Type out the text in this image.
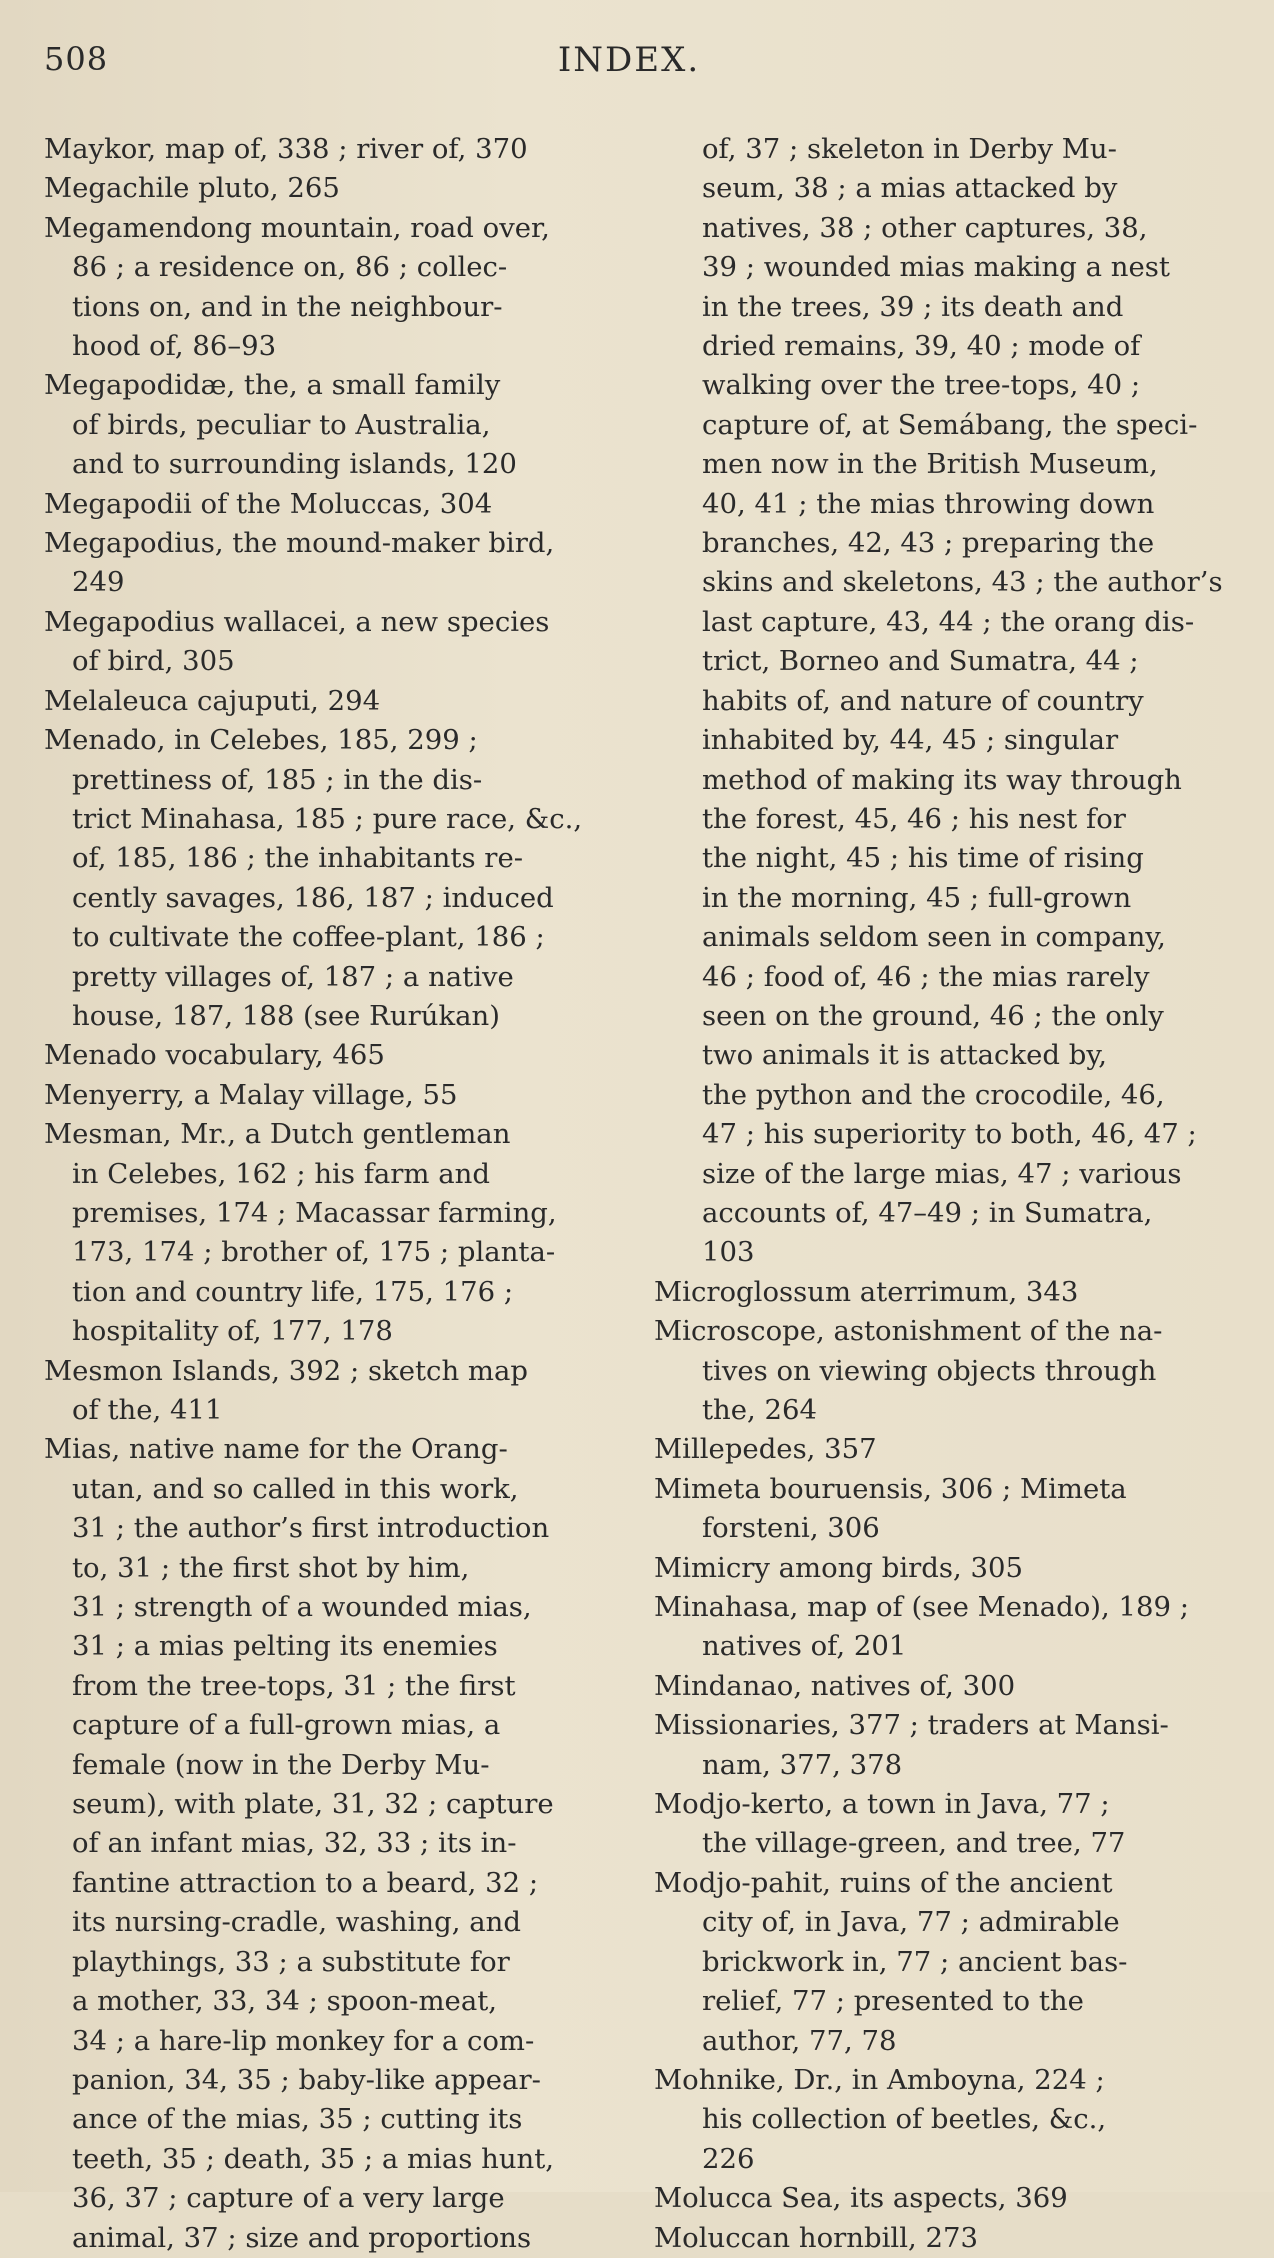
508	INDEX.

Maykor, map of, 338 ; river of, 370

Megachile pluto, 265

Megamendong mountain, road over,
86 ; a residence on, 86 ; collec-
tions on, and in the neighbour-
hood of, 86–93

Megapodidæ, the, a small family
of birds, peculiar to Australia,
and to surrounding islands, 120

Megapodii of the Moluccas, 304

Megapodius, the mound-maker bird,
249

Megapodius wallacei, a new species
of bird, 305

Melaleuca cajuputi, 294

Menado, in Celebes, 185, 299 ;
prettiness of, 185 ; in the dis-
trict Minahasa, 185 ; pure race, &c.,
of, 185, 186 ; the inhabitants re-
cently savages, 186, 187 ; induced
to cultivate the coffee-plant, 186 ;
pretty villages of, 187 ; a native
house, 187, 188 (see Rurúkan)

Menado vocabulary, 465

Menyerry, a Malay village, 55

Mesman, Mr., a Dutch gentleman
in Celebes, 162 ; his farm and
premises, 174 ; Macassar farming,
173, 174 ; brother of, 175 ; planta-
tion and country life, 175, 176 ;
hospitality of, 177, 178

Mesmon Islands, 392 ; sketch map
of the, 411

Mias, native name for the Orang-
utan, and so called in this work,
31 ; the author’s first introduction
to, 31 ; the first shot by him,
31 ; strength of a wounded mias,
31 ; a mias pelting its enemies
from the tree-tops, 31 ; the first
capture of a full-grown mias, a
female (now in the Derby Mu-
seum), with plate, 31, 32 ; capture
of an infant mias, 32, 33 ; its in-
fantine attraction to a beard, 32 ;
its nursing-cradle, washing, and
playthings, 33 ; a substitute for
a mother, 33, 34 ; spoon-meat,
34 ; a hare-lip monkey for a com-
panion, 34, 35 ; baby-like appear-
ance of the mias, 35 ; cutting its
teeth, 35 ; death, 35 ; a mias hunt,
36, 37 ; capture of a very large
animal, 37 ; size and proportions

of, 37 ; skeleton in Derby Mu-
seum, 38 ; a mias attacked by
natives, 38 ; other captures, 38,
39 ; wounded mias making a nest
in the trees, 39 ; its death and
dried remains, 39, 40 ; mode of
walking over the tree-tops, 40 ;
capture of, at Semábang, the speci-
men now in the British Museum,
40, 41 ; the mias throwing down
branches, 42, 43 ; preparing the
skins and skeletons, 43 ; the author’s
last capture, 43, 44 ; the orang dis-
trict, Borneo and Sumatra, 44 ;
habits of, and nature of country
inhabited by, 44, 45 ; singular
method of making its way through
the forest, 45, 46 ; his nest for
the night, 45 ; his time of rising
in the morning, 45 ; full-grown
animals seldom seen in company,
46 ; food of, 46 ; the mias rarely
seen on the ground, 46 ; the only
two animals it is attacked by,
the python and the crocodile, 46,
47 ; his superiority to both, 46, 47 ;
size of the large mias, 47 ; various
accounts of, 47–49 ; in Sumatra,
103

Microglossum aterrimum, 343

Microscope, astonishment of the na-
tives on viewing objects through
the, 264

Millepedes, 357

Mimeta bouruensis, 306 ; Mimeta
forsteni, 306

Mimicry among birds, 305

Minahasa, map of (see Menado), 189 ;
natives of, 201

Mindanao, natives of, 300

Missionaries, 377 ; traders at Mansi-
nam, 377, 378

Modjo-kerto, a town in Java, 77 ;
the village-green, and tree, 77

Modjo-pahit, ruins of the ancient
city of, in Java, 77 ; admirable
brickwork in, 77 ; ancient bas-
relief, 77 ; presented to the
author, 77, 78

Mohnike, Dr., in Amboyna, 224 ;
his collection of beetles, &c.,
226

Molucca Sea, its aspects, 369

Moluccan hornbill, 273
